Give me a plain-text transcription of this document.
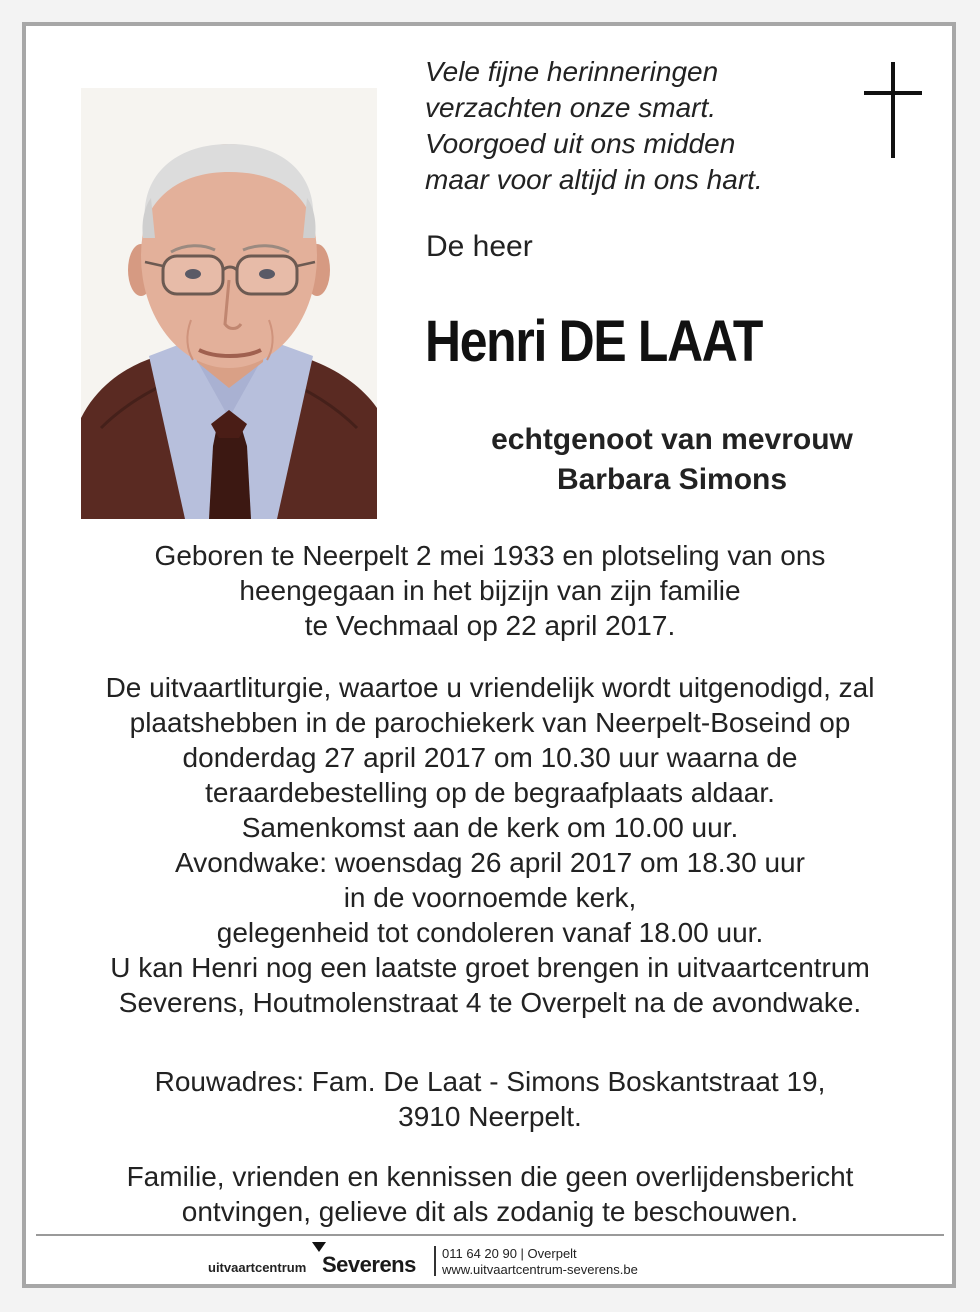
Vele fijne herinneringen
verzachten onze smart.
Voorgoed uit ons midden
maar voor altijd in ons hart.
De heer
Henri DE LAAT
echtgenoot van mevrouw
Barbara Simons
Geboren te Neerpelt 2 mei 1933 en plotseling van ons
heengegaan in het bijzijn van zijn familie
te Vechmaal op 22 april 2017.
De uitvaartliturgie, waartoe u vriendelijk wordt uitgenodigd, zal
plaatshebben in de parochiekerk van Neerpelt-Boseind op
donderdag 27 april 2017 om 10.30 uur waarna de
teraardebestelling op de begraafplaats aldaar.
Samenkomst aan de kerk om 10.00 uur.
Avondwake: woensdag 26 april 2017 om 18.30 uur
in de voornoemde kerk,
gelegenheid tot condoleren vanaf 18.00 uur.
U kan Henri nog een laatste groet brengen in uitvaartcentrum
Severens, Houtmolenstraat 4 te Overpelt na de avondwake.
Rouwadres: Fam. De Laat - Simons Boskantstraat 19,
3910 Neerpelt.
Familie, vrienden en kennissen die geen overlijdensbericht
ontvingen, gelieve dit als zodanig te beschouwen.
uitvaartcentrum Severens 011 64 20 90 | Overpelt
www.uitvaartcentrum-severens.be
